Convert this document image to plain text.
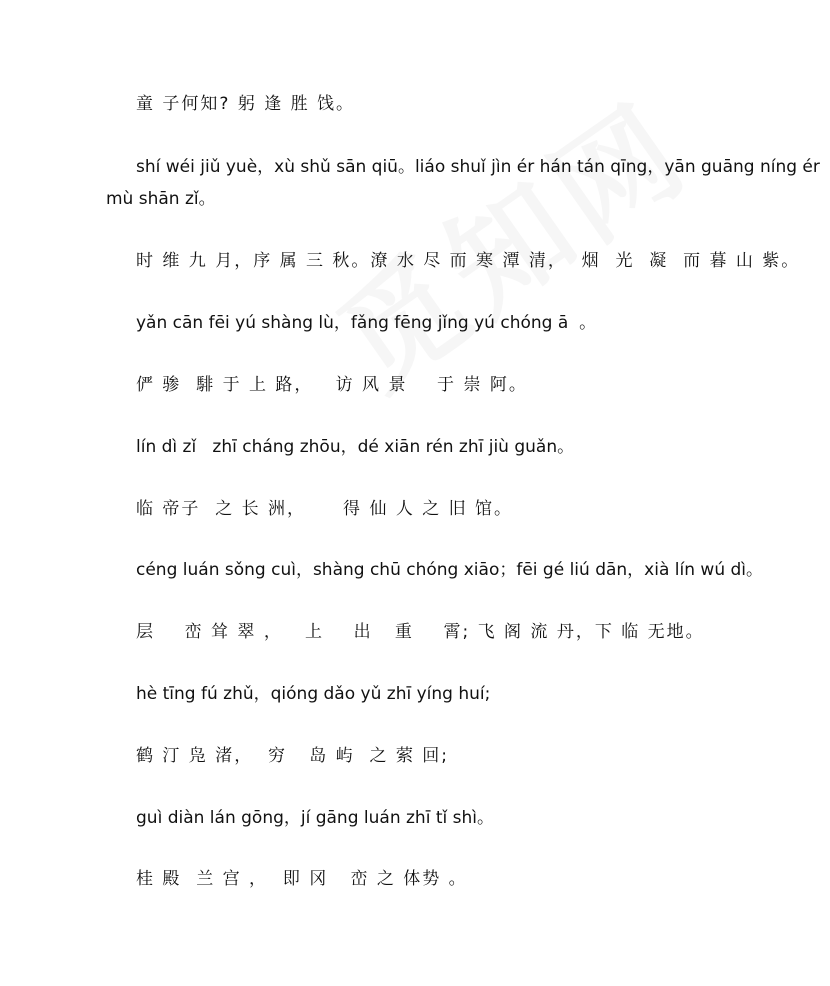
童 子何知? 躬 逢 胜 饯。
shí wéi jiǔ yuè，xù shǔ sān qiū。liáo shuǐ jìn ér hán tán qīng，yān guāng níng ér
mù shān zǐ。
时 维 九 月，序 属 三 秋。潦 水 尽 而 寒 潭 清，  烟  光  凝  而 暮 山 紫。
yǎn cān fēi yú shàng lù，fǎng fēng jǐng yú chóng ā  。
俨 骖  騑 于 上 路，   访 风 景    于 崇 阿。
lín dì zǐ   zhī cháng zhōu，dé xiān rén zhī jiù guǎn。
临 帝子  之 长 洲，     得 仙 人 之 旧 馆。
céng luán sǒng cuì，shàng chū chóng xiāo；fēi gé liú dān，xià lín wú dì。
层    峦 耸 翠 ，   上    出   重    霄; 飞 阁 流 丹，下 临 无地。
hè tīng fú zhǔ，qióng dǎo yǔ zhī yíng huí;
鹤 汀 凫 渚，  穷   岛 屿  之 萦 回;
guì diàn lán gōng，jí gāng luán zhī tǐ shì。
桂 殿  兰 宫 ，  即 冈   峦 之 体势 。
